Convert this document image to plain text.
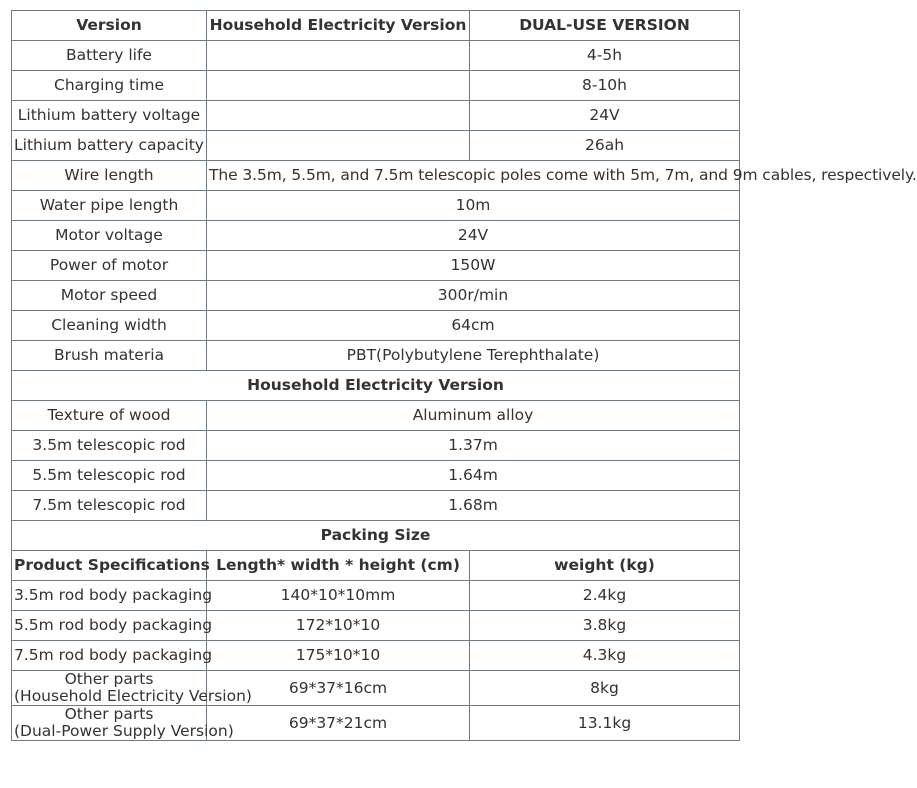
Version	Household Electricity Version	DUAL-USE VERSION
Battery life		4-5h
Charging time		8-10h
Lithium battery voltage		24V
Lithium battery capacity		26ah
Wire length	The 3.5m, 5.5m, and 7.5m telescopic poles come with 5m, 7m, and 9m cables, respectively.	
Water pipe length	10m	
Motor voltage	24V	
Power of motor	150W	
Motor speed	300r/min	
Cleaning width	64cm	
Brush materia	PBT(Polybutylene Terephthalate)	
Household Electricity Version		
Texture of wood	Aluminum alloy	
3.5m telescopic rod	1.37m	
5.5m telescopic rod	1.64m	
7.5m telescopic rod	1.68m	
Packing Size		
Product Specifications	Length* width * height (cm)	weight (kg)
3.5m rod body packaging	140*10*10mm	2.4kg
5.5m rod body packaging	172*10*10	3.8kg
7.5m rod body packaging	175*10*10	4.3kg

Other parts
(Household Electricity Version)	69*37*16cm	8kg

Other parts
(Dual-Power Supply Version)	69*37*21cm	13.1kg
